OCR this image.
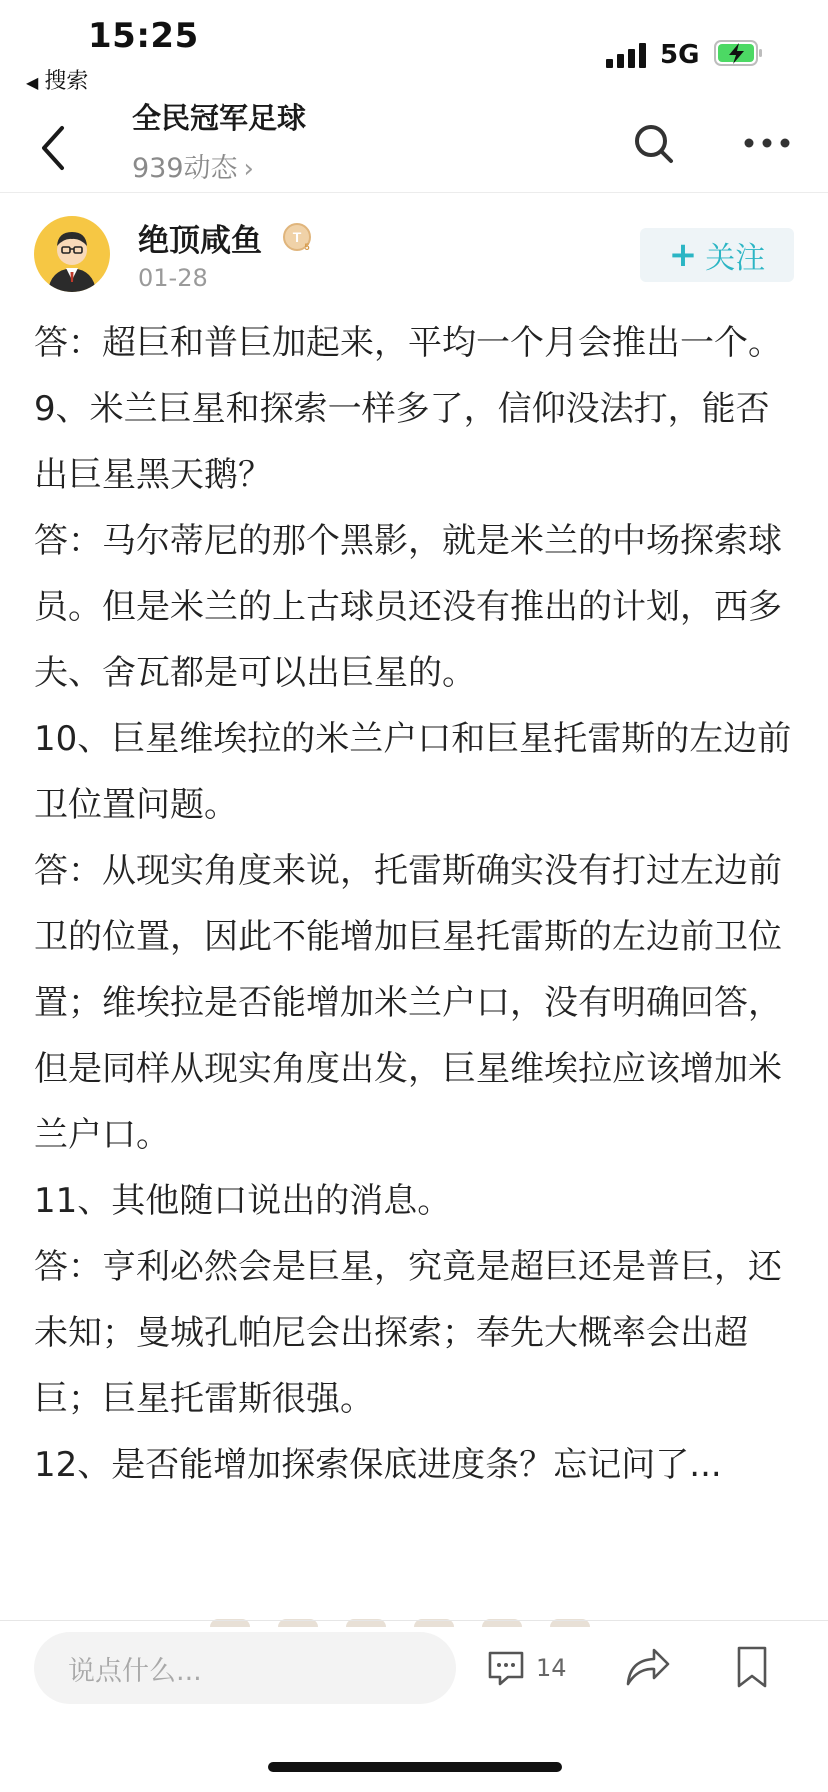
15:25
◀ 搜索
5G
全民冠军足球
939动态 ›
绝顶咸鱼 T
5
01-28
+ 关注

答：超巨和普巨加起来，平均一个月会推出一个。

9、米兰巨星和探索一样多了，信仰没法打，能否出巨星黑天鹅？

答：马尔蒂尼的那个黑影，就是米兰的中场探索球员。但是米兰的上古球员还没有推出的计划，西多夫、舍瓦都是可以出巨星的。

10、巨星维埃拉的米兰户口和巨星托雷斯的左边前卫位置问题。

答：从现实角度来说，托雷斯确实没有打过左边前卫的位置，因此不能增加巨星托雷斯的左边前卫位置；维埃拉是否能增加米兰户口，没有明确回答，但是同样从现实角度出发，巨星维埃拉应该增加米兰户口。

11、其他随口说出的消息。

答：亨利必然会是巨星，究竟是超巨还是普巨，还未知；曼城孔帕尼会出探索；奉先大概率会出超巨；巨星托雷斯很强。

12、是否能增加探索保底进度条？忘记问了...

说点什么...	14
